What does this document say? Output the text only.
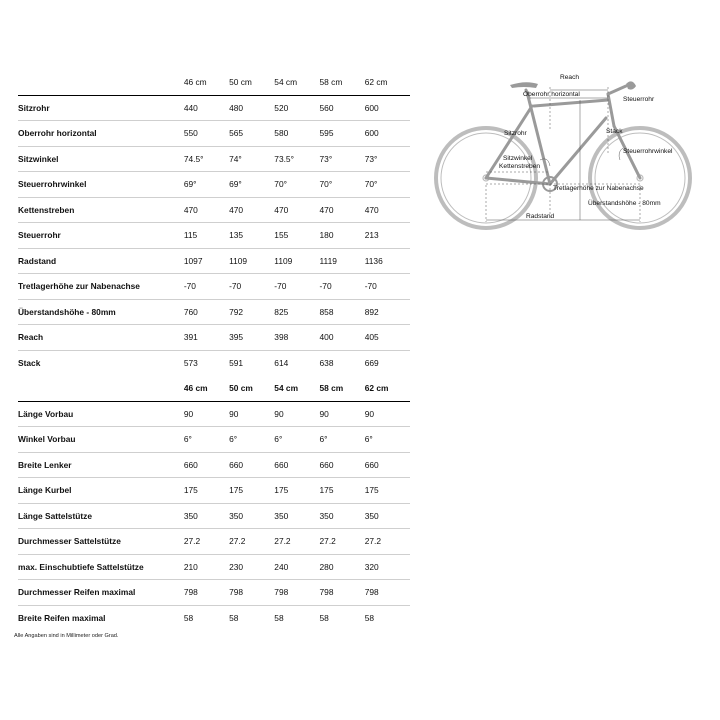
	46 cm	50 cm	54 cm	58 cm	62 cm
Sitzrohr	440	480	520	560	600
Oberrohr horizontal	550	565	580	595	600
Sitzwinkel	74.5°	74°	73.5°	73°	73°
Steuerrohrwinkel	69°	69°	70°	70°	70°
Kettenstreben	470	470	470	470	470
Steuerrohr	115	135	155	180	213
Radstand	1097	1109	1109	1119	1136
Tretlagerhöhe zur Nabenachse	-70	-70	-70	-70	-70
Überstandshöhe - 80mm	760	792	825	858	892
Reach	391	395	398	400	405
Stack	573	591	614	638	669
Reach
Oberrohr horizontal
Steuerrohr
Sitzrohr	Stack
Steuerrohrwinkel
Sitzwinkel
Kettenstreben
Tretlagerhöhe zur Nabenachse
Überstandshöhe - 80mm
Radstand
	46 cm	50 cm	54 cm	58 cm	62 cm
Länge Vorbau	90	90	90	90	90
Winkel Vorbau	6°	6°	6°	6°	6°
Breite Lenker	660	660	660	660	660
Länge Kurbel	175	175	175	175	175
Länge Sattelstütze	350	350	350	350	350
Durchmesser Sattelstütze	27.2	27.2	27.2	27.2	27.2
max. Einschubtiefe Sattelstütze	210	230	240	280	320
Durchmesser Reifen maximal	798	798	798	798	798
Breite Reifen maximal	58	58	58	58	58
Alle Angaben sind in Millimeter oder Grad.
